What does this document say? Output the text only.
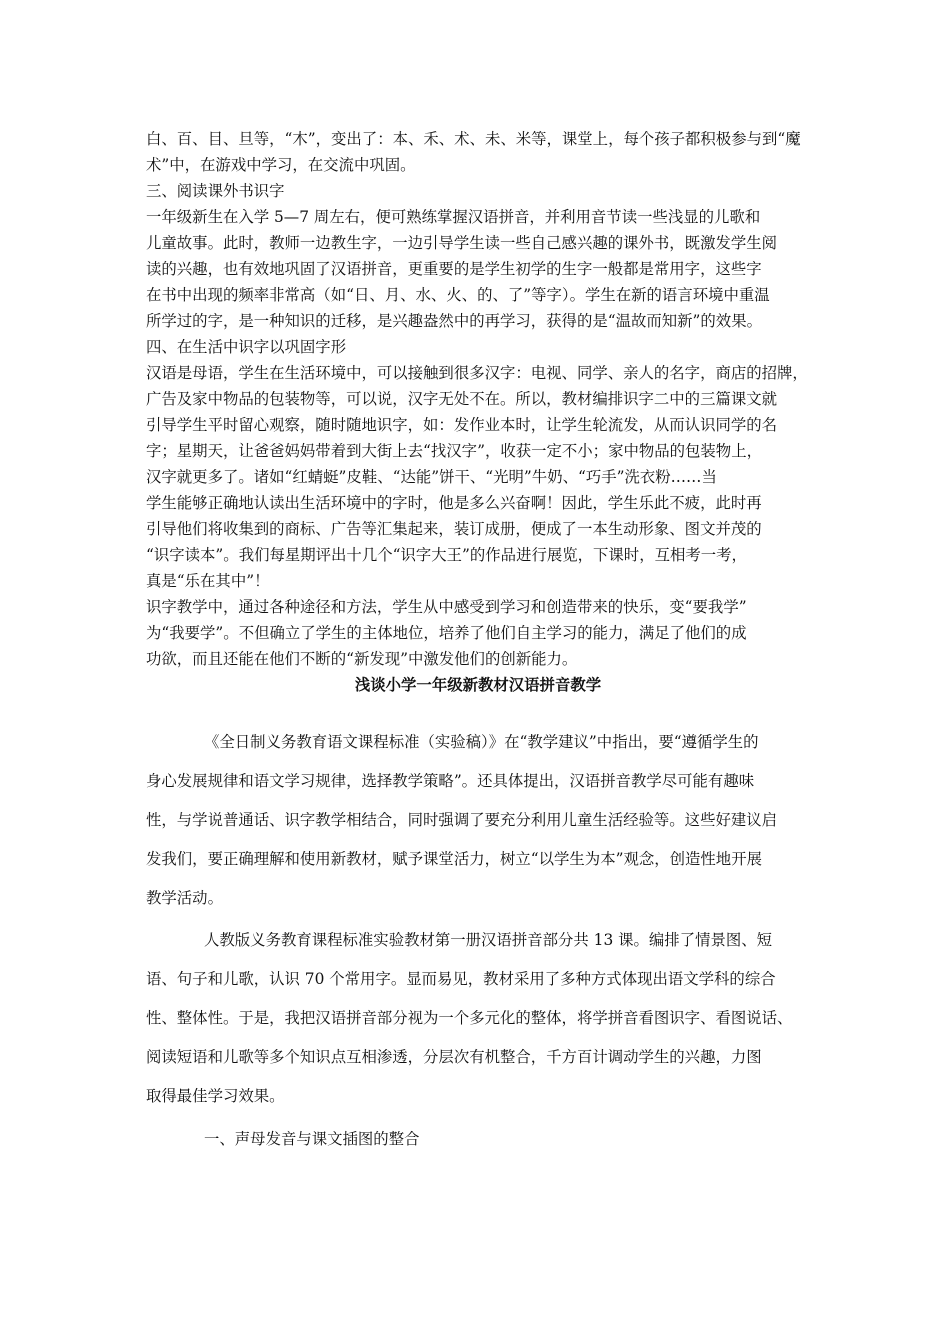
白、百、目、旦等，“木”，变出了：本、禾、术、未、米等，课堂上，每个孩子都积极参与到“魔

术”中，在游戏中学习，在交流中巩固。

三、阅读课外书识字

一年级新生在入学 5—7 周左右，便可熟练掌握汉语拼音，并利用音节读一些浅显的儿歌和

儿童故事。此时，教师一边教生字，一边引导学生读一些自己感兴趣的课外书，既激发学生阅

读的兴趣，也有效地巩固了汉语拼音，更重要的是学生初学的生字一般都是常用字，这些字

在书中出现的频率非常高（如“日、月、水、火、的、了”等字）。学生在新的语言环境中重温

所学过的字，是一种知识的迁移，是兴趣盎然中的再学习，获得的是“温故而知新”的效果。

四、在生活中识字以巩固字形

汉语是母语，学生在生活环境中，可以接触到很多汉字：电视、同学、亲人的名字，商店的招牌，

广告及家中物品的包装物等，可以说，汉字无处不在。所以，教材编排识字二中的三篇课文就

引导学生平时留心观察，随时随地识字，如：发作业本时，让学生轮流发，从而认识同学的名

字；星期天，让爸爸妈妈带着到大街上去“找汉字”，收获一定不小；家中物品的包装物上，

汉字就更多了。诸如“红蜻蜓”皮鞋、“达能”饼干、“光明”牛奶、“巧手”洗衣粉……当

学生能够正确地认读出生活环境中的字时，他是多么兴奋啊！因此，学生乐此不疲，此时再

引导他们将收集到的商标、广告等汇集起来，装订成册，便成了一本生动形象、图文并茂的

“识字读本”。我们每星期评出十几个“识字大王”的作品进行展览，下课时，互相考一考，

真是“乐在其中”！

识字教学中，通过各种途径和方法，学生从中感受到学习和创造带来的快乐，变“要我学”

为“我要学”。不但确立了学生的主体地位，培养了他们自主学习的能力，满足了他们的成

功欲，而且还能在他们不断的“新发现”中激发他们的创新能力。

浅谈小学一年级新教材汉语拼音教学

《全日制义务教育语文课程标准（实验稿）》在“教学建议”中指出，要“遵循学生的

身心发展规律和语文学习规律，选择教学策略”。还具体提出，汉语拼音教学尽可能有趣味

性，与学说普通话、识字教学相结合，同时强调了要充分利用儿童生活经验等。这些好建议启

发我们，要正确理解和使用新教材，赋予课堂活力，树立“以学生为本”观念，创造性地开展

教学活动。

人教版义务教育课程标准实验教材第一册汉语拼音部分共 13 课。编排了情景图、短

语、句子和儿歌，认识 70 个常用字。显而易见，教材采用了多种方式体现出语文学科的综合

性、整体性。于是，我把汉语拼音部分视为一个多元化的整体，将学拼音看图识字、看图说话、

阅读短语和儿歌等多个知识点互相渗透，分层次有机整合，千方百计调动学生的兴趣，力图

取得最佳学习效果。

一、声母发音与课文插图的整合
